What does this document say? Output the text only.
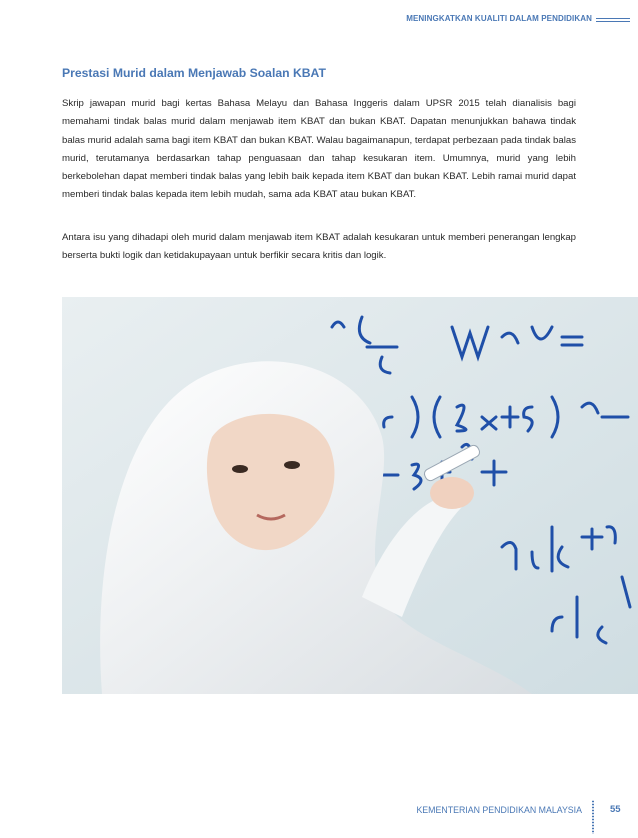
MENINGKATKAN KUALITI DALAM PENDIDIKAN
Prestasi Murid dalam Menjawab Soalan KBAT

Skrip jawapan murid bagi kertas Bahasa Melayu dan Bahasa Inggeris dalam UPSR 2015 telah dianalisis bagi memahami tindak balas murid dalam menjawab item KBAT dan bukan KBAT. Dapatan menunjukkan bahawa tindak balas murid adalah sama bagi item KBAT dan bukan KBAT. Walau bagaimanapun, terdapat perbezaan pada tindak balas murid, terutamanya berdasarkan tahap penguasaan dan tahap kesukaran item. Umumnya, murid yang lebih berkebolehan dapat memberi tindak balas yang lebih baik kepada item KBAT dan bukan KBAT. Lebih ramai murid dapat memberi tindak balas kepada item lebih mudah, sama ada KBAT atau bukan KBAT.

Antara isu yang dihadapi oleh murid dalam menjawab item KBAT adalah kesukaran untuk memberi penerangan lengkap berserta bukti logik dan ketidakupayaan untuk berfikir secara kritis dan logik.

KEMENTERIAN PENDIDIKAN MALAYSIA	55
